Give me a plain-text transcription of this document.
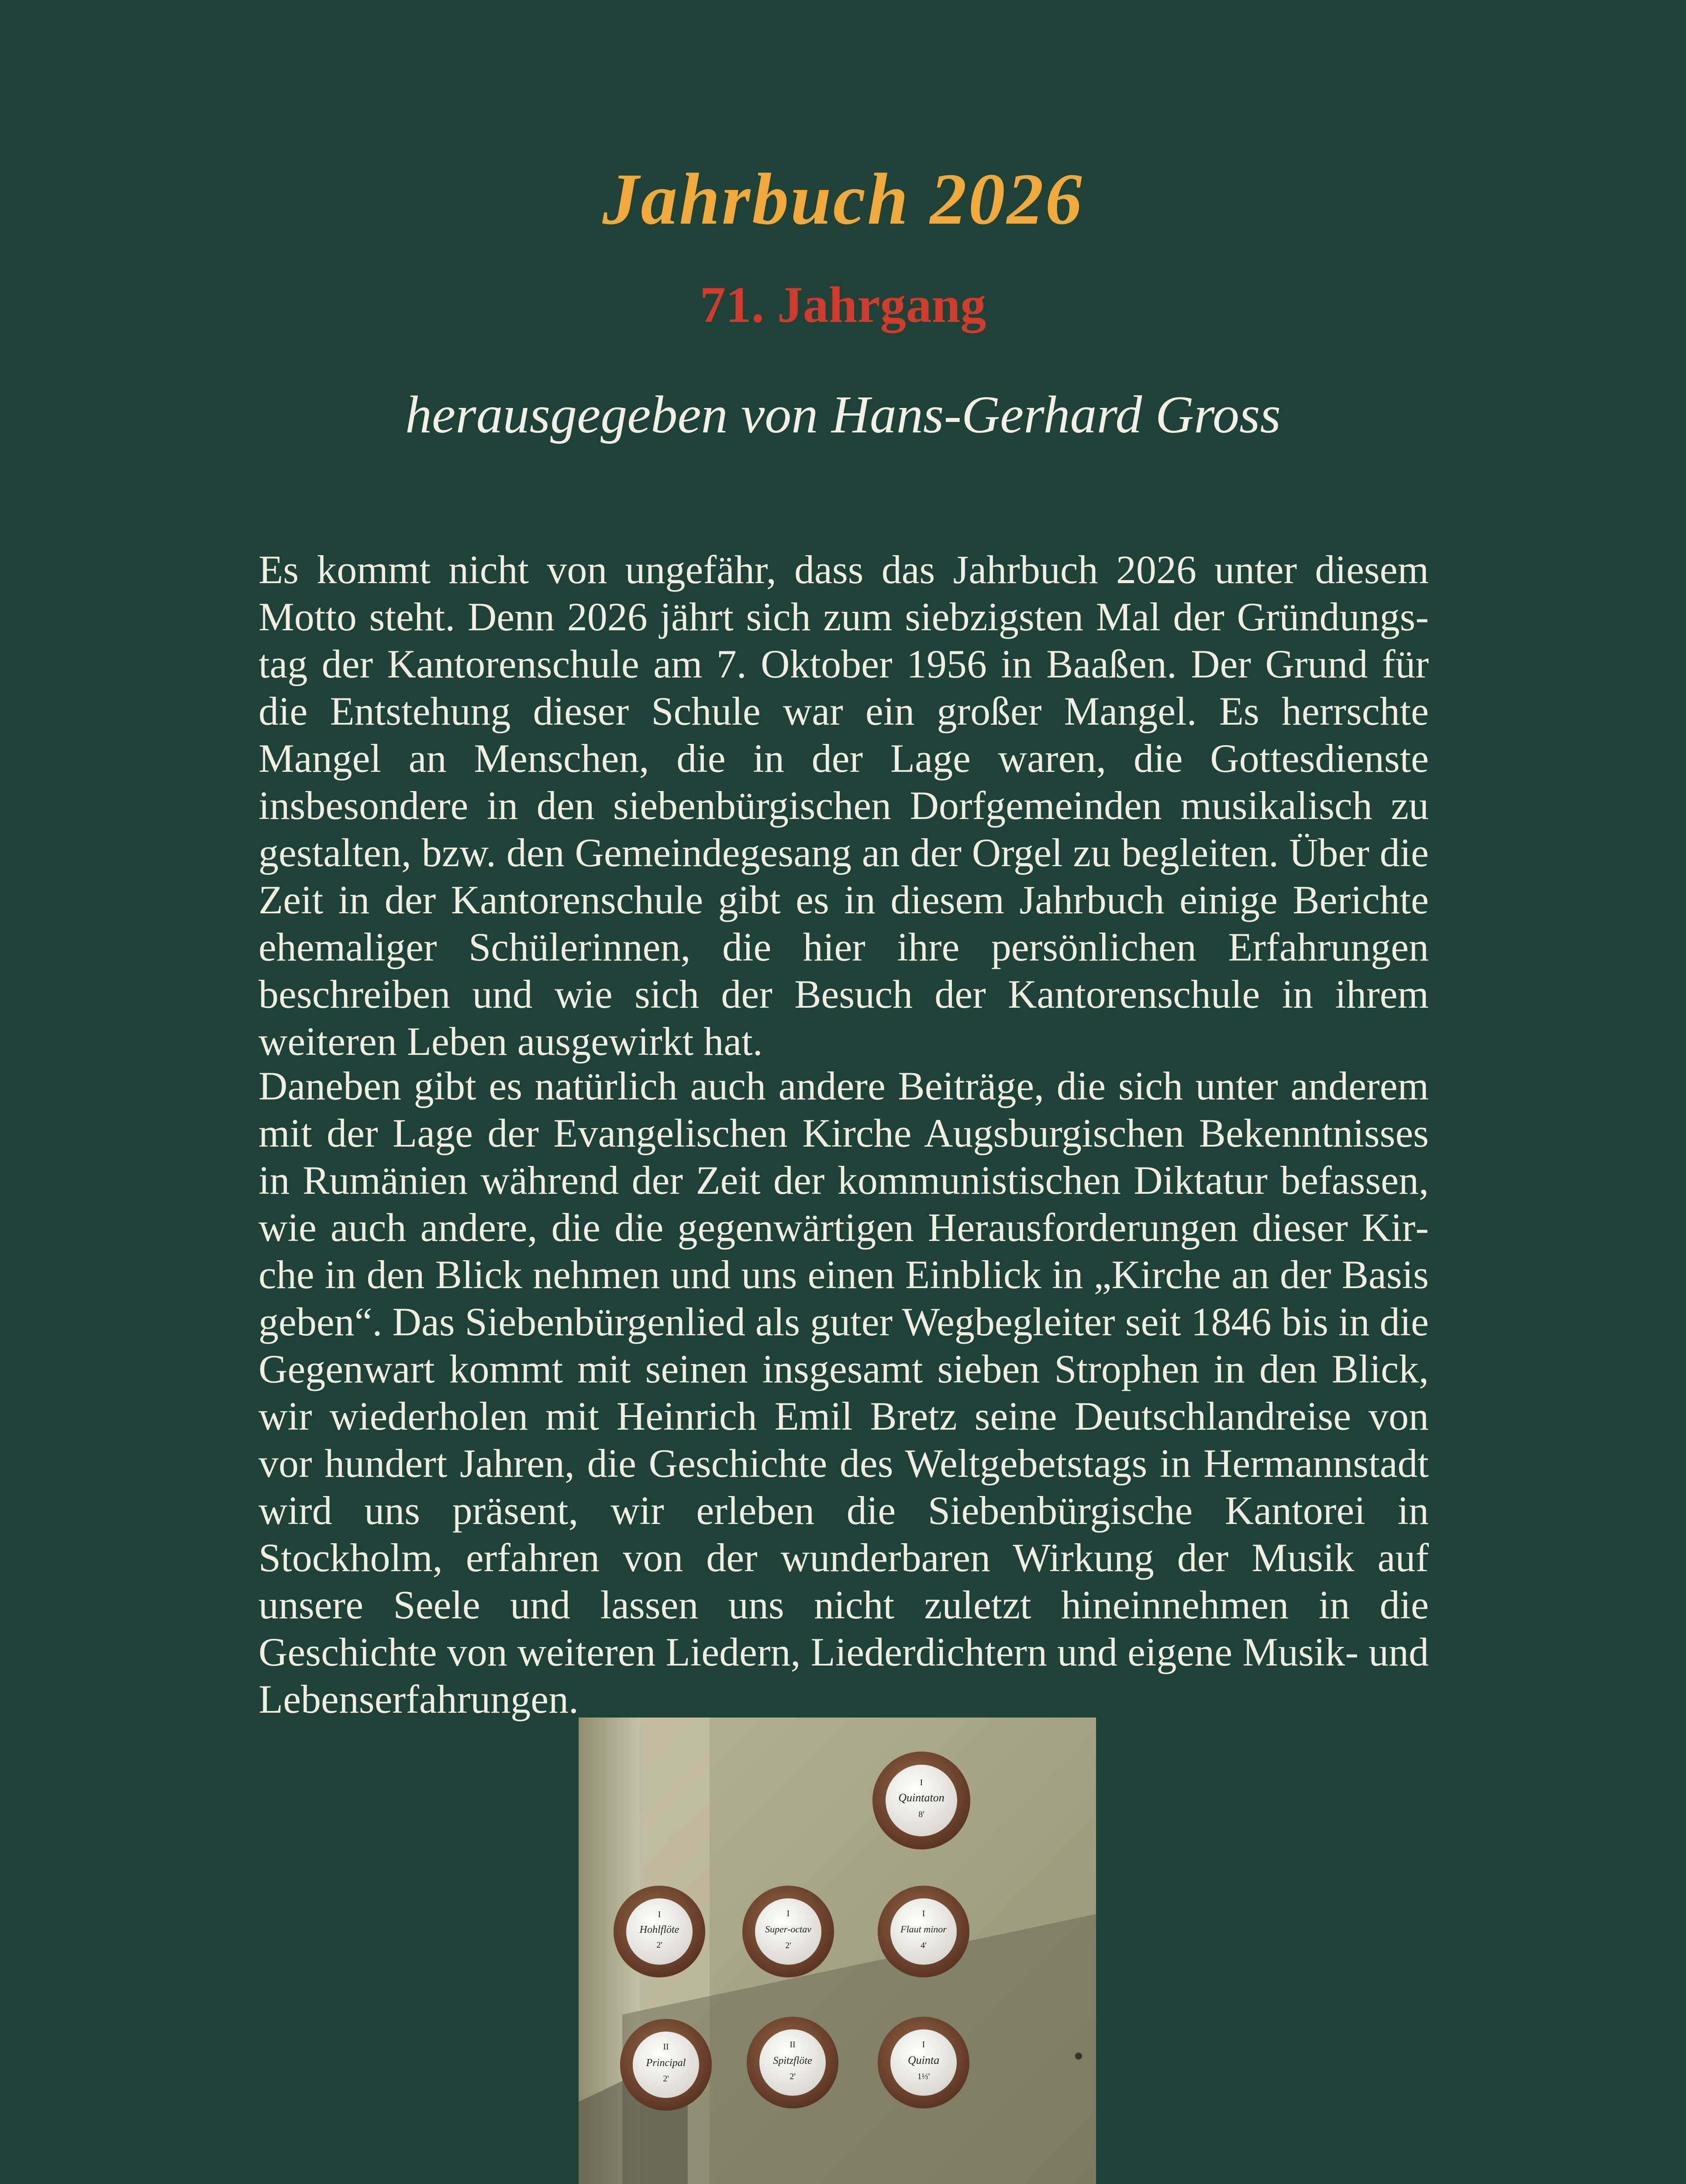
Jahrbuch 2026
71. Jahrgang
herausgegeben von Hans-Gerhard Gross
Es kommt nicht von ungefähr, dass das Jahrbuch 2026 unter diesem Motto steht. Denn 2026 jährt sich zum siebzigsten Mal der Gründungstag der Kantorenschule am 7. Oktober 1956 in Baaßen. Der Grund für die Entstehung dieser Schule war ein großer Mangel. Es herrschte Mangel an Menschen, die in der Lage waren, die Gottesdienste insbesondere in den siebenbürgischen Dorfgemeinden musikalisch zu gestalten, bzw. den Gemeindegesang an der Orgel zu begleiten. Über die Zeit in der Kantorenschule gibt es in diesem Jahrbuch einige Berichte ehemaliger Schülerinnen, die hier ihre persönlichen Erfahrungen beschreiben und wie sich der Besuch der Kantorenschule in ihrem weiteren Leben ausgewirkt hat.
Daneben gibt es natürlich auch andere Beiträge, die sich unter anderem mit der Lage der Evangelischen Kirche Augsburgischen Bekenntnisses in Rumänien während der Zeit der kommunistischen Diktatur befassen, wie auch andere, die die gegenwärtigen Herausforderungen dieser Kirche in den Blick nehmen und uns einen Einblick in „Kirche an der Basis geben“. Das Siebenbürgenlied als guter Wegbegleiter seit 1846 bis in die Gegenwart kommt mit seinen insgesamt sieben Strophen in den Blick, wir wiederholen mit Heinrich Emil Bretz seine Deutschlandreise von vor hundert Jahren, die Geschichte des Weltgebetstags in Hermannstadt wird uns präsent, wir erleben die Siebenbürgische Kantorei in Stockholm, erfahren von der wunderbaren Wirkung der Musik auf unsere Seele und lassen uns nicht zuletzt hineinnehmen in die Geschichte von weiteren Liedern, Liederdichtern und eigene Musik- und Lebenserfahrungen.
I
Quintaton
8'
I
Hohlflöte
2'
I
Super-octav
2'
I
Flaut minor
4'
II
Principal
2'
II
Spitzflöte
2'
I
Quinta
1⅓'
